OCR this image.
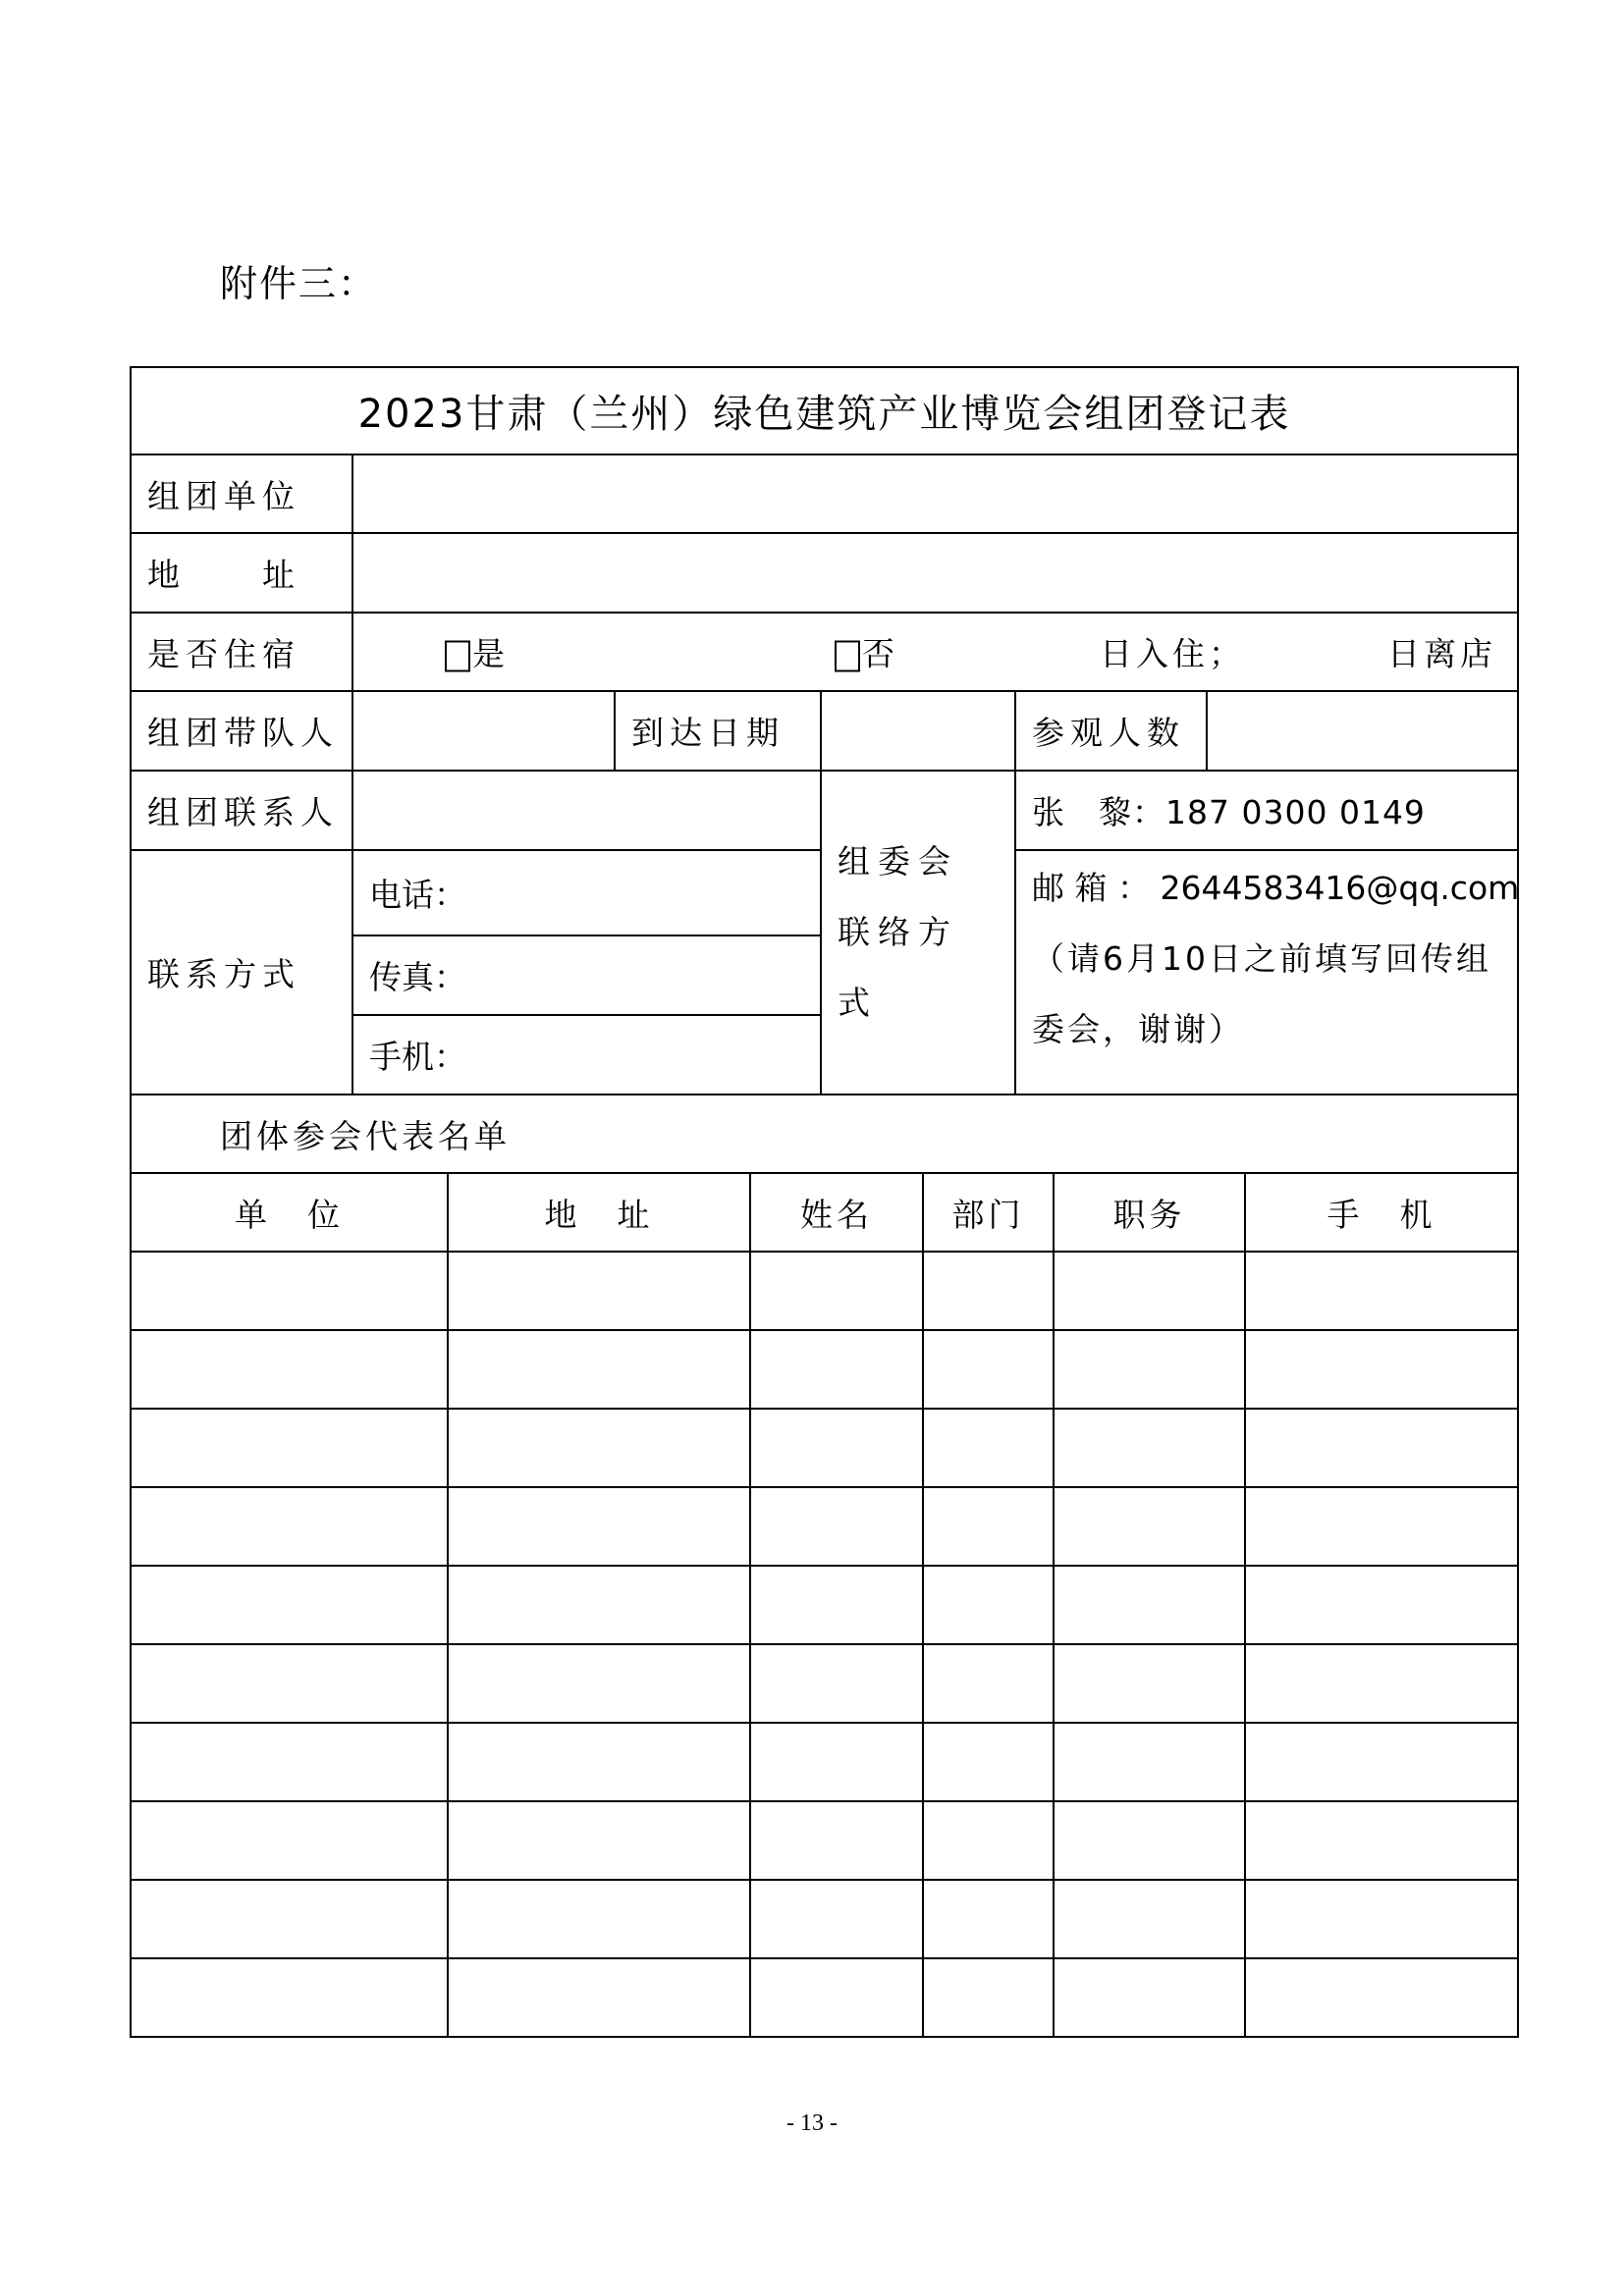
附件三：
2023甘肃（兰州）绿色建筑产业博览会组团登记表					
组团单位					
地　　址					
是否住宿	是 否 日入住； 日离店				

组团带队人		到达日期		参观人数	
组团联系人			组委会联络方式	张　黎：187 0300 0149	
联系方式	电话：			邮 箱 ： 2644583416@qq.com
（请6月10日之前填写回传组委会，谢谢）	

	传真：				
	手机：				
团体参会代表名单					
单　位	地　址	姓名	部门	职务	手　机

- 13 -
